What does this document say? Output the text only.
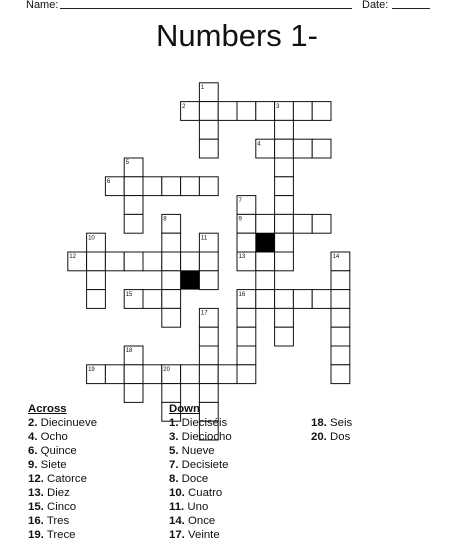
Name:	Date:
Numbers 1-
1
2	3
4
5
6
7
8	9
10	11
12	13	14
15	16
17
18
19	20
Across
2. Diecinueve
4. Ocho
6. Quince
9. Siete
12. Catorce
13. Diez
15. Cinco
16. Tres
19. Trece
Down
1. Dieciséis
3. Dieciocho
5. Nueve
7. Decisiete
8. Doce
10. Cuatro
11. Uno
14. Once
17. Veinte
18. Seis
20. Dos
